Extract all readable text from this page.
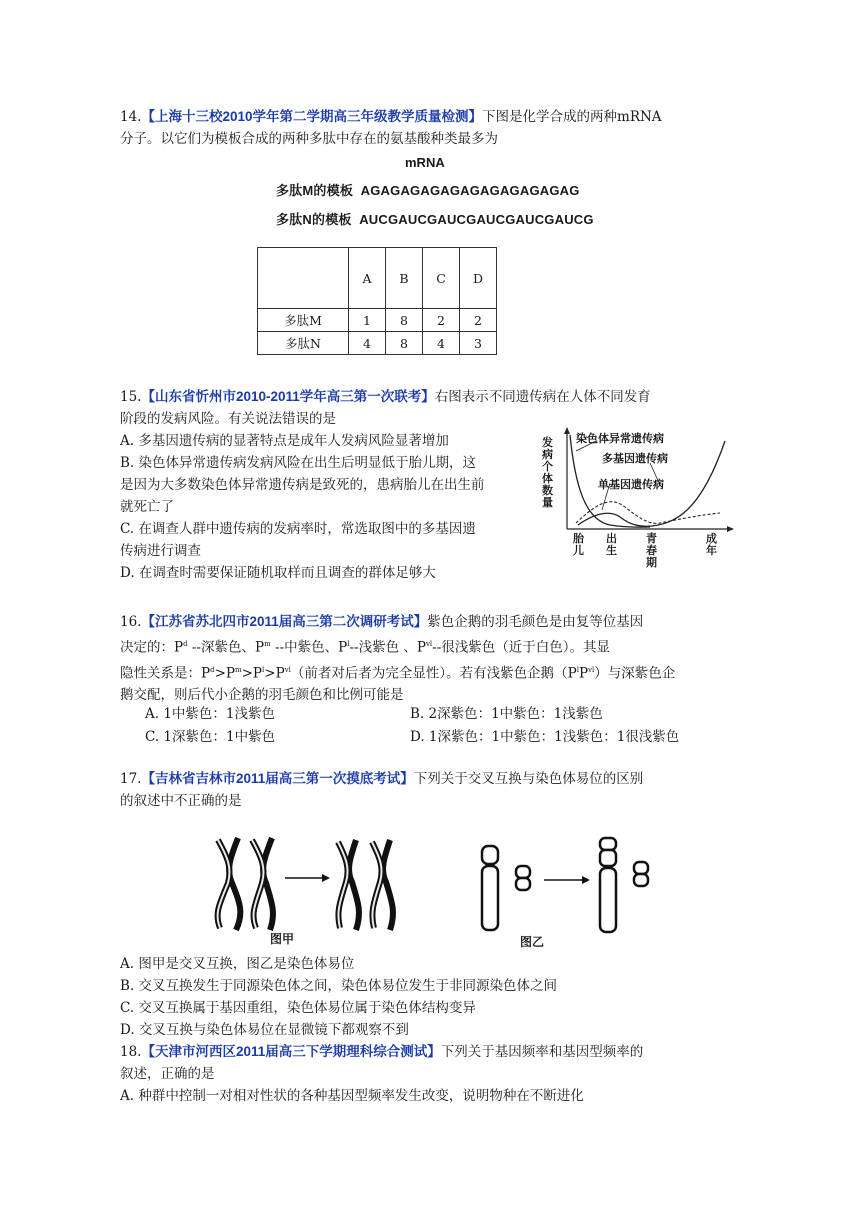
14.【上海十三校2010学年第二学期高三年级教学质量检测】下图是化学合成的两种mRNA
分子。以它们为模板合成的两种多肽中存在的氨基酸种类最多为
mRNA
多肽M的模板 AGAGAGAGAGAGAGAGAGAGAG
多肽N的模板 AUCGAUCGAUCGAUCGAUCGAUCG
	A	B	C	D
多肽M	1	8	2	2
多肽N	4	8	4	3
15.【山东省忻州市2010-2011学年高三第一次联考】右图表示不同遗传病在人体不同发育
阶段的发病风险。有关说法错误的是
A. 多基因遗传病的显著特点是成年人发病风险显著增加
B. 染色体异常遗传病发病风险在出生后明显低于胎儿期，这
是因为大多数染色体异常遗传病是致死的，患病胎儿在出生前
就死亡了
C. 在调查人群中遗传病的发病率时，常选取图中的多基因遗
传病进行调查
D. 在调查时需要保证随机取样而且调查的群体足够大
发病个体数量
染色体异常遗传病
多基因遗传病
单基因遗传病
胎儿
出生
青春期
成年
16.【江苏省苏北四市2011届高三第二次调研考试】紫色企鹅的羽毛颜色是由复等位基因
决定的：$P^d$ --深紫色、$P^m$ --中紫色、$P^l--$浅紫色 、$P^{vl}--$很浅紫色（近于白色）。其显
隐性关系是：$P^d>P^m>P^l>P^{vl}$（前者对后者为完全显性）。若有浅紫色企鹅$(P^lP^{vl})$与深紫色企
鹅交配，则后代小企鹅的羽毛颜色和比例可能是
A. 1中紫色：1浅紫色	B. 2深紫色：1中紫色：1浅紫色
C. 1深紫色：1中紫色	D. 1深紫色：1中紫色：1浅紫色：1很浅紫色
17.【吉林省吉林市2011届高三第一次摸底考试】下列关于交叉互换与染色体易位的区别
的叙述中不正确的是
图甲	图乙
A. 图甲是交叉互换，图乙是染色体易位
B. 交叉互换发生于同源染色体之间，染色体易位发生于非同源染色体之间
C. 交叉互换属于基因重组，染色体易位属于染色体结构变异
D. 交叉互换与染色体易位在显微镜下都观察不到
18.【天津市河西区2011届高三下学期理科综合测试】下列关于基因频率和基因型频率的
叙述，正确的是
A. 种群中控制一对相对性状的各种基因型频率发生改变，说明物种在不断进化
